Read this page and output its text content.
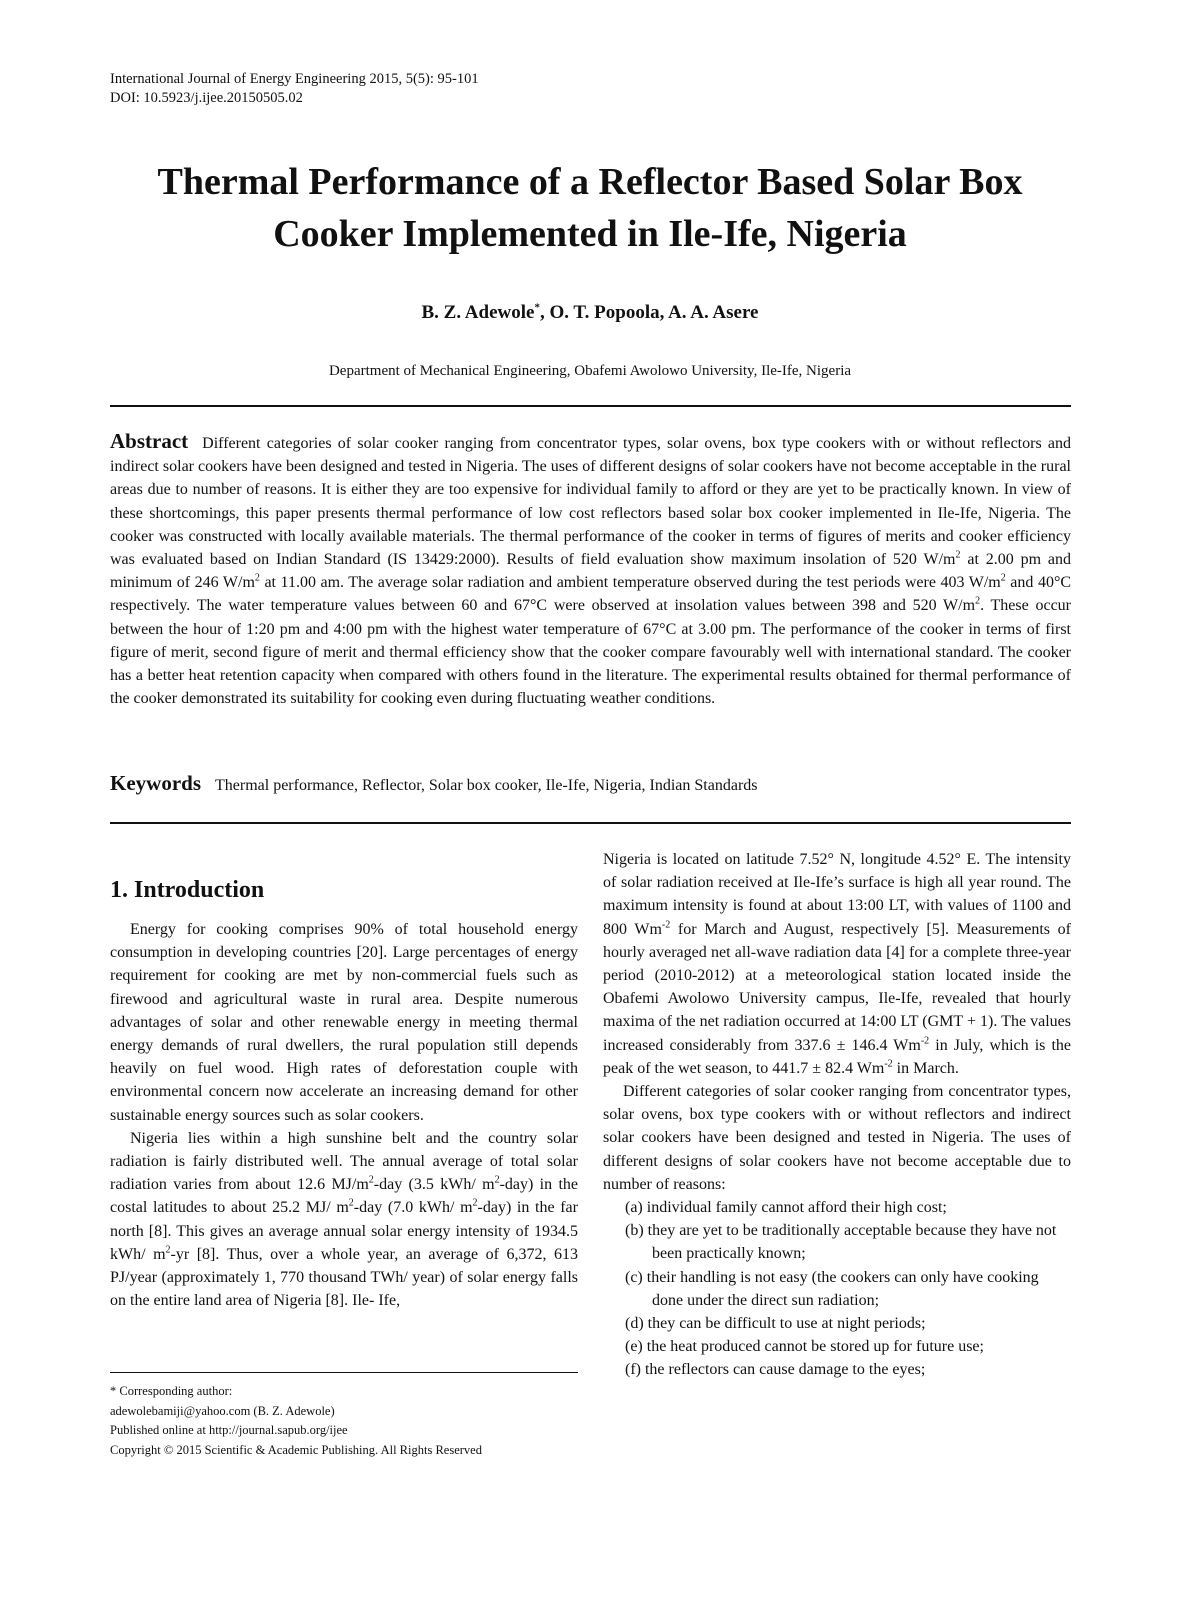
International Journal of Energy Engineering 2015, 5(5): 95-101
DOI: 10.5923/j.ijee.20150505.02
Thermal Performance of a Reflector Based Solar Box
Cooker Implemented in Ile-Ife, Nigeria
B. Z. Adewole*, O. T. Popoola, A. A. Asere
Department of Mechanical Engineering, Obafemi Awolowo University, Ile-Ife, Nigeria

Abstract Different categories of solar cooker ranging from concentrator types, solar ovens, box type cookers with or without reflectors and indirect solar cookers have been designed and tested in Nigeria. The uses of different designs of solar cookers have not become acceptable in the rural areas due to number of reasons. It is either they are too expensive for individual family to afford or they are yet to be practically known. In view of these shortcomings, this paper presents thermal performance of low cost reflectors based solar box cooker implemented in Ile-Ife, Nigeria. The cooker was constructed with locally available materials. The thermal performance of the cooker in terms of figures of merits and cooker efficiency was evaluated based on Indian Standard (IS 13429:2000). Results of field evaluation show maximum insolation of 520 $W/m^2$ at 2.00 pm and minimum of 246 $W/m^2$ at 11.00 am. The average solar radiation and ambient temperature observed during the test periods were 403 $W/m^2$ and 40°C respectively. The water temperature values between 60 and 67°C were observed at insolation values between 398 and 520 $W/m^2$. These occur between the hour of 1:20 pm and 4:00 pm with the highest water temperature of 67°C at 3.00 pm. The performance of the cooker in terms of first figure of merit, second figure of merit and thermal efficiency show that the cooker compare favourably well with international standard. The cooker has a better heat retention capacity when compared with others found in the literature. The experimental results obtained for thermal performance of the cooker demonstrated its suitability for cooking even during fluctuating weather conditions.

Keywords Thermal performance, Reflector, Solar box cooker, Ile-Ife, Nigeria, Indian Standards
1. Introduction

Energy for cooking comprises 90% of total household energy consumption in developing countries [20]. Large percentages of energy requirement for cooking are met by non-commercial fuels such as firewood and agricultural waste in rural area. Despite numerous advantages of solar and other renewable energy in meeting thermal energy demands of rural dwellers, the rural population still depends heavily on fuel wood. High rates of deforestation couple with environmental concern now accelerate an increasing demand for other sustainable energy sources such as solar cookers.

Nigeria lies within a high sunshine belt and the country solar radiation is fairly distributed well. The annual average of total solar radiation varies from about 12.6 $MJ/m^2$-day (3.5 kWh/ $m^2-day$) in the costal latitudes to about 25.2 MJ/ $m^2$-day (7.0 kWh/ $m^2-day$) in the far north [8]. This gives an average annual solar energy intensity of 1934.5 kWh/ $m^2-yr$ [8]. Thus, over a whole year, an average of 6,372, 613 PJ/year (approximately 1, 770 thousand TWh/ year) of solar energy falls on the entire land area of Nigeria [8]. Ile- Ife,

Nigeria is located on latitude 7.52° N, longitude 4.52° E. The intensity of solar radiation received at Ile-Ife’s surface is high all year round. The maximum intensity is found at about 13:00 LT, with values of 1100 and 800 $Wm^{-2}$ for March and August, respectively [5]. Measurements of hourly averaged net all-wave radiation data [4] for a complete three-year period (2010-2012) at a meteorological station located inside the Obafemi Awolowo University campus, Ile-Ife, revealed that hourly maxima of the net radiation occurred at 14:00 LT (GMT + 1). The values increased considerably from 337.6 ± 146.4 $Wm^{-2}$ in July, which is the peak of the wet season, to 441.7 ± 82.4 $Wm^{-2}$ in March.

Different categories of solar cooker ranging from concentrator types, solar ovens, box type cookers with or without reflectors and indirect solar cookers have been designed and tested in Nigeria. The uses of different designs of solar cookers have not become acceptable due to number of reasons:

(a) individual family cannot afford their high cost;
(b) they are yet to be traditionally acceptable because they have not been practically known;
(c) their handling is not easy (the cookers can only have cooking done under the direct sun radiation;
(d) they can be difficult to use at night periods;
(e) the heat produced cannot be stored up for future use;
(f) the reflectors can cause damage to the eyes;
* Corresponding author:
adewolebamiji@yahoo.com (B. Z. Adewole)
Published online at http://journal.sapub.org/ijee
Copyright © 2015 Scientific & Academic Publishing. All Rights Reserved
